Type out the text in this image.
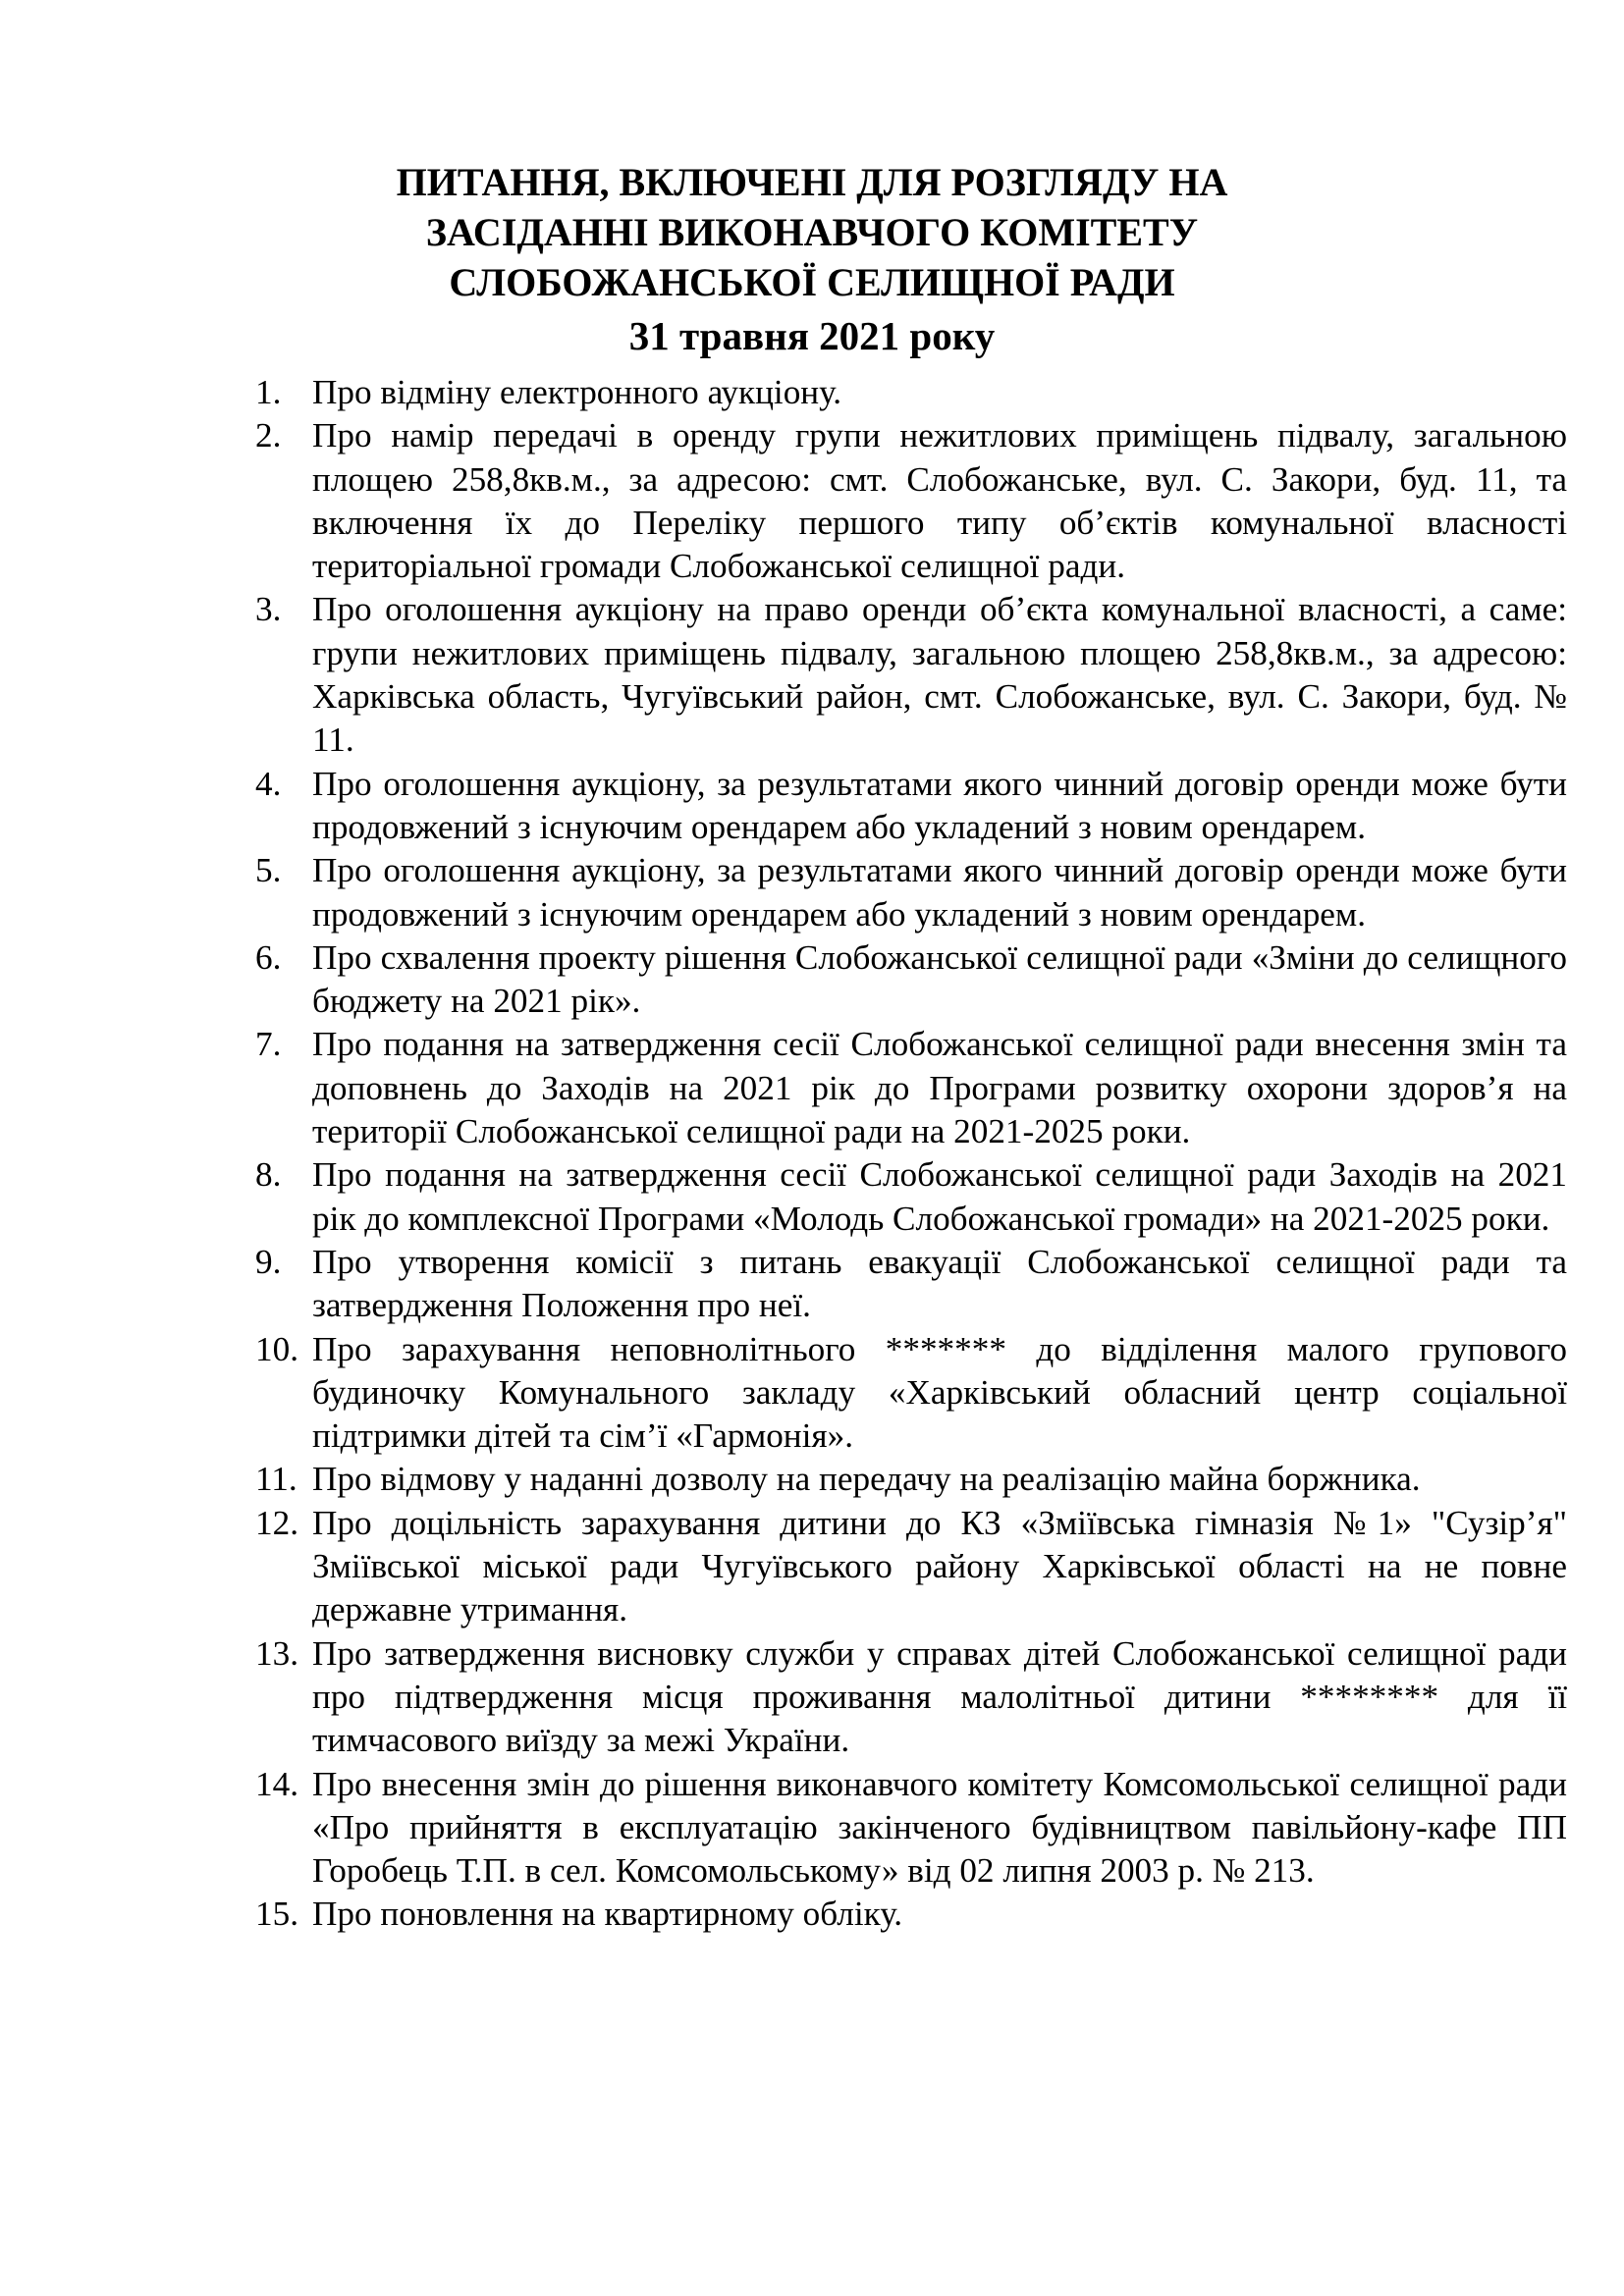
ПИТАННЯ, ВКЛЮЧЕНІ ДЛЯ РОЗГЛЯДУ НА
ЗАСІДАННІ ВИКОНАВЧОГО КОМІТЕТУ
СЛОБОЖАНСЬКОЇ СЕЛИЩНОЇ РАДИ
31 травня 2021 року
1. Про відміну електронного аукціону.
2. Про намір передачі в оренду групи нежитлових приміщень підвалу, загальною площею 258,8кв.м., за адресою: смт. Слобожанське, вул. С. Закори, буд. 11, та включення їх до Переліку першого типу об’єктів комунальної власності територіальної громади Слобожанської селищної ради.
3. Про оголошення аукціону на право оренди об’єкта комунальної власності, а саме: групи нежитлових приміщень підвалу, загальною площею 258,8кв.м., за адресою: Харківська область, Чугуївський район, смт. Слобожанське, вул. С. Закори, буд. № 11.
4. Про оголошення аукціону, за результатами якого чинний договір оренди може бути продовжений з існуючим орендарем або укладений з новим орендарем.
5. Про оголошення аукціону, за результатами якого чинний договір оренди може бути продовжений з існуючим орендарем або укладений з новим орендарем.
6. Про схвалення проекту рішення Слобожанської селищної ради «Зміни до селищного бюджету на 2021 рік».
7. Про подання на затвердження сесії Слобожанської селищної ради внесення змін та доповнень до Заходів на 2021 рік до Програми розвитку охорони здоров’я на території Слобожанської селищної ради на 2021-2025 роки.
8. Про подання на затвердження сесії Слобожанської селищної ради Заходів на 2021 рік до комплексної Програми «Молодь Слобожанської громади» на 2021-2025 роки.
9. Про утворення комісії з питань евакуації Слобожанської селищної ради та затвердження Положення про неї.
10. Про зарахування неповнолітнього ******* до відділення малого групового будиночку Комунального закладу «Харківський обласний центр соціальної підтримки дітей та сім’ї «Гармонія».
11. Про відмову у наданні дозволу на передачу на реалізацію майна боржника.
12. Про доцільність зарахування дитини до КЗ «Зміївська гімназія №1» "Сузір’я" Зміївської міської ради Чугуївського району Харківської області на не повне державне утримання.
13. Про затвердження висновку служби у справах дітей Слобожанської селищної ради про підтвердження місця проживання малолітньої дитини ******** для її тимчасового виїзду за межі України.
14. Про внесення змін до рішення виконавчого комітету Комсомольської селищної ради «Про прийняття в експлуатацію закінченого будівництвом павільйону-кафе ПП Горобець Т.П. в сел. Комсомольському» від 02 липня 2003 р. № 213.
15. Про поновлення на квартирному обліку.
